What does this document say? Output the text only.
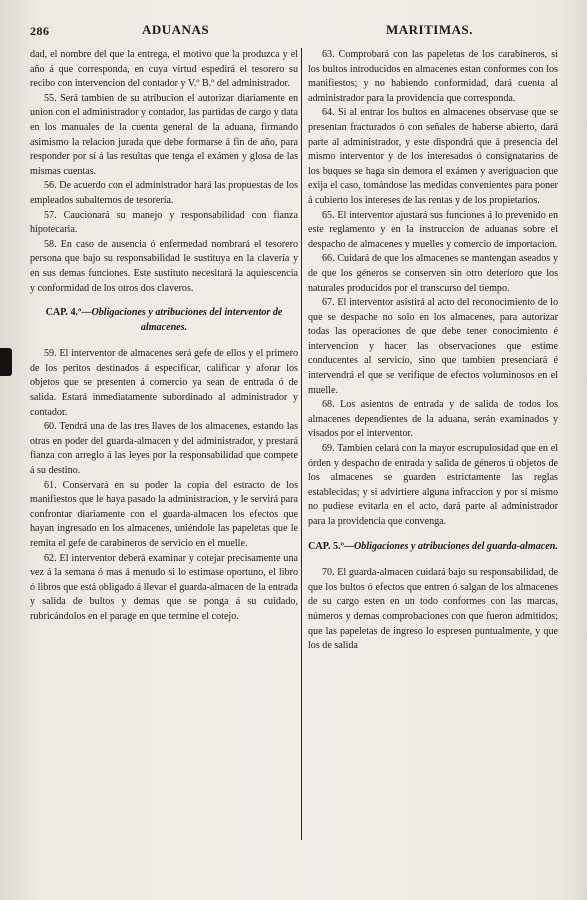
286	ADUANAS	MARITIMAS.

dad, el nombre del que la entrega, el motivo que la produzca y el año á que corresponda, en cuya virtud espedirá el tesorero su recibo con intervencion del contador y V.º B.º del administrador.

55. Será tambien de su atribucion el autorizar diariamente en union con el administrador y contador, las partidas de cargo y data en los manuales de la cuenta general de la aduana, firmando asimismo la relacion jurada que debe formarse á fin de año, para responder por sí á las resultas que tenga el exámen y glosa de las mismas cuentas.

56. De acuerdo con el administrador hará las propuestas de los empleados subalternos de tesorería.

57. Caucionará su manejo y responsabilidad con fianza hipotecaria.

58. En caso de ausencia ó enfermedad nombrará el tesorero persona que bajo su responsabilidad le sustituya en la clavería y en sus demas funciones. Este sustituto necesitará la aquiescencia y conformidad de los otros dos claveros.

CAP. 4.º—Obligaciones y atribuciones del interventor de almacenes.

59. El interventor de almacenes será gefe de ellos y el primero de los peritos destinados á especificar, calificar y aforar los objetos que se presenten á comercio ya sean de entrada ó de salida. Estará inmediatamente subordinado al administrador y contador.

60. Tendrá una de las tres llaves de los almacenes, estando las otras en poder del guarda-almacen y del administrador, y prestará fianza con arreglo á las leyes por la responsabilidad que compete á su destino.

61. Conservará en su poder la copia del estracto de los manifiestos que le haya pasado la administracion, y le servirá para confrontar diariamente con el guarda-almacen los efectos que hayan ingresado en los almacenes, uniéndole las papeletas que le remita el gefe de carabineros de servicio en el muelle.

62. El interventor deberá examinar y cotejar precisamente una vez á la semana ó mas á menudo si lo estimase oportuno, el libro ó libros que está obligado á llevar el guarda-almacen de la entrada y salida de bultos y demas que se ponga á su cuidado, rubricándolos en el parage en que termine el cotejo.

63. Comprobará con las papeletas de los carabineros, si los bultos introducidos en almacenes estan conformes con los manifiestos; y no habiendo conformidad, dará cuenta al administrador para la providencia que corresponda.

64. Si al entrar los bultos en almacenes observase que se presentan fracturados ó con señales de haberse abierto, dará parte al administrador, y este dispondrá que á presencia del mismo interventor y de los interesados ó consignatarios de los buques se haga sin demora el exámen y averiguacion que exija el caso, tomándose las medidas convenientes para poner á cubierto los intereses de las rentas y de los propietarios.

65. El interventor ajustará sus funciones á lo prevenido en este reglamento y en la instruccion de aduanas sobre el despacho de almacenes y muelles y comercio de importacion.

66. Cuidará de que los almacenes se mantengan aseados y de que los géneros se conserven sin otro deterioro que los naturales producidos por el transcurso del tiempo.

67. El interventor asistirá al acto del reconocimiento de lo que se despache no solo en los almacenes, para autorizar todas las operaciones de que debe tener conocimiento é intervencion y hacer las observaciones que estime conducentes al servicio, sino que tambien presenciará é intervendrá el que se verifique de efectos voluminosos en el muelle.

68. Los asientos de entrada y de salida de todos los almacenes dependientes de la aduana, serán examinados y visados por el interventor.

69. Tambien celará con la mayor escrupulosidad que en el órden y despacho de entrada y salida de géneros ú objetos de los almacenes se guarden estrictamente las reglas establecidas; y si advirtiere alguna infraccion y por sí mismo no pudiese evitarla en el acto, dará parte al administrador para la providencia que convenga.

CAP. 5.º—Obligaciones y atribuciones del guarda-almacen.

70. El guarda-almacen cuidará bajo su responsabilidad, de que los bultos ó efectos que entren ó salgan de los almacenes de su cargo esten en un todo conformes con las marcas, números y demas comprobaciones con que fueron admitidos; que las papeletas de ingreso lo espresen puntualmente, y que los de salida
